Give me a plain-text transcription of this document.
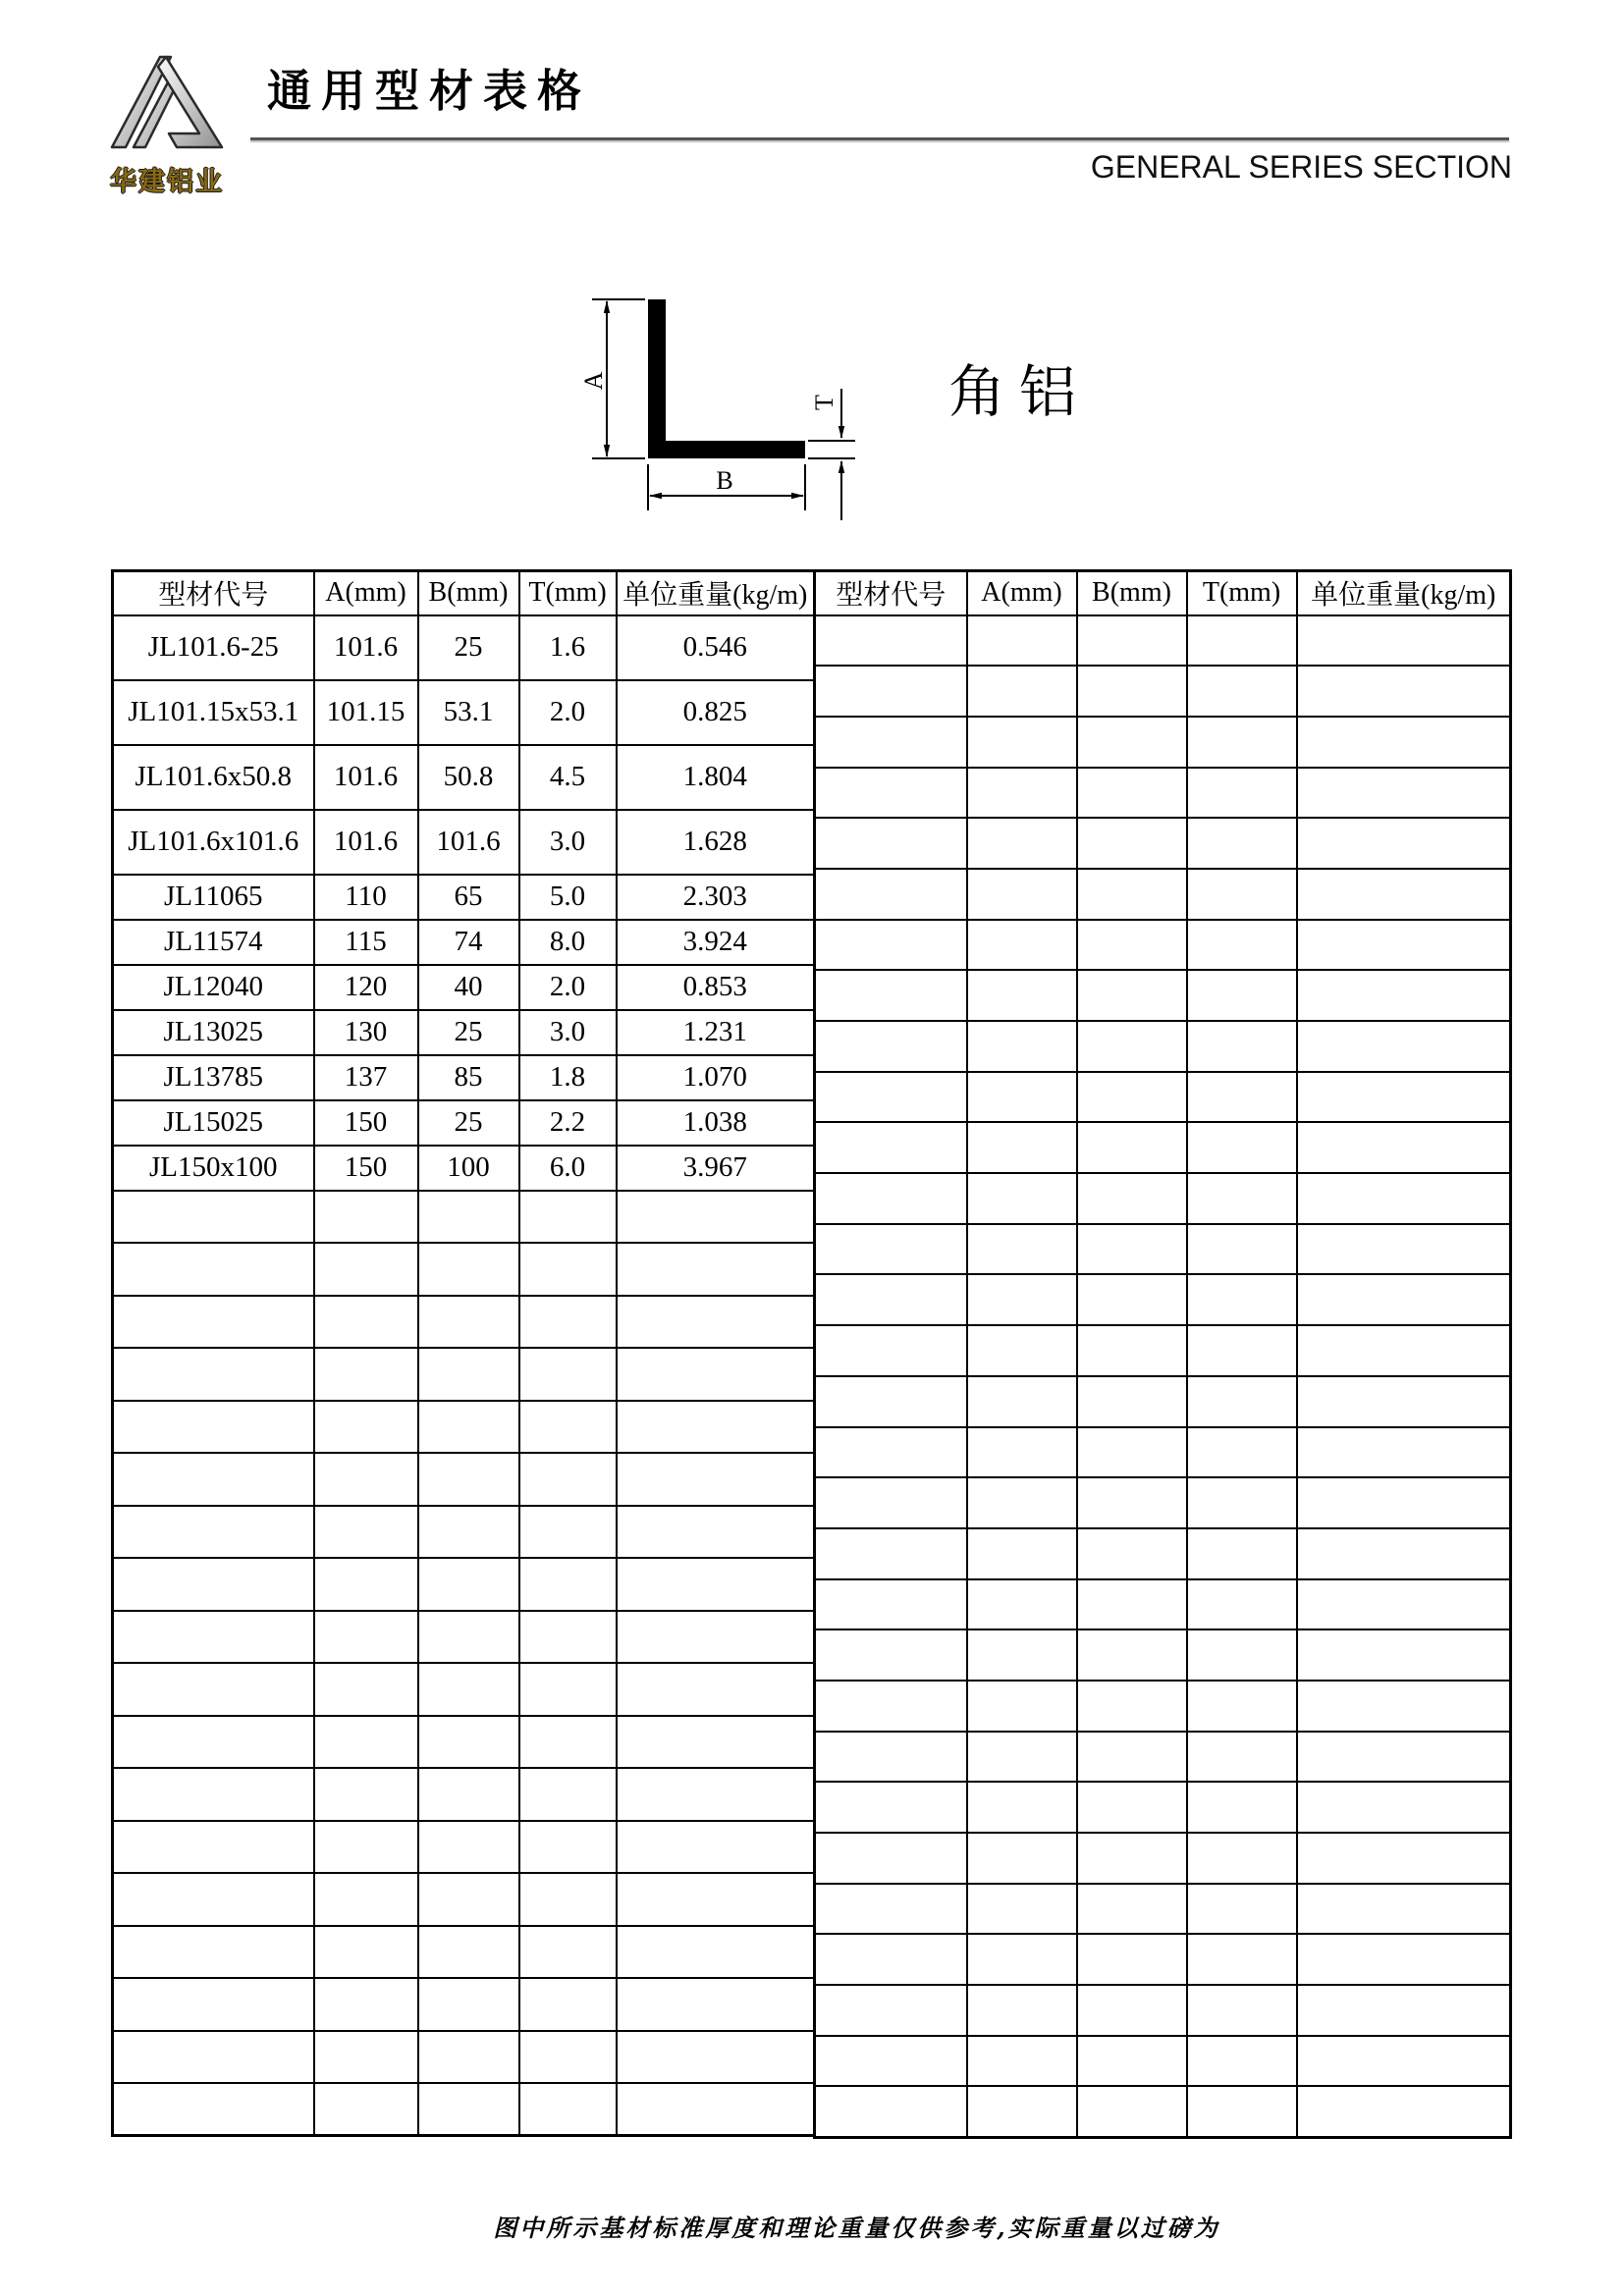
华建铝业
通用型材表格
GENERAL SERIES SECTION
A
B
T 角铝
型材代号	A(mm)	B(mm)	T(mm)	单位重量(kg/m)
JL101.6-25	101.6	25	1.6	0.546
JL101.15x53.1	101.15	53.1	2.0	0.825
JL101.6x50.8	101.6	50.8	4.5	1.804
JL101.6x101.6	101.6	101.6	3.0	1.628
JL11065	110	65	5.0	2.303
JL11574	115	74	8.0	3.924
JL12040	120	40	2.0	0.853
JL13025	130	25	3.0	1.231
JL13785	137	85	1.8	1.070
JL15025	150	25	2.2	1.038
JL150x100	150	100	6.0	3.967

型材代号	A(mm)	B(mm)	T(mm)	单位重量(kg/m)

图中所示基材标准厚度和理论重量仅供参考,实际重量以过磅为
